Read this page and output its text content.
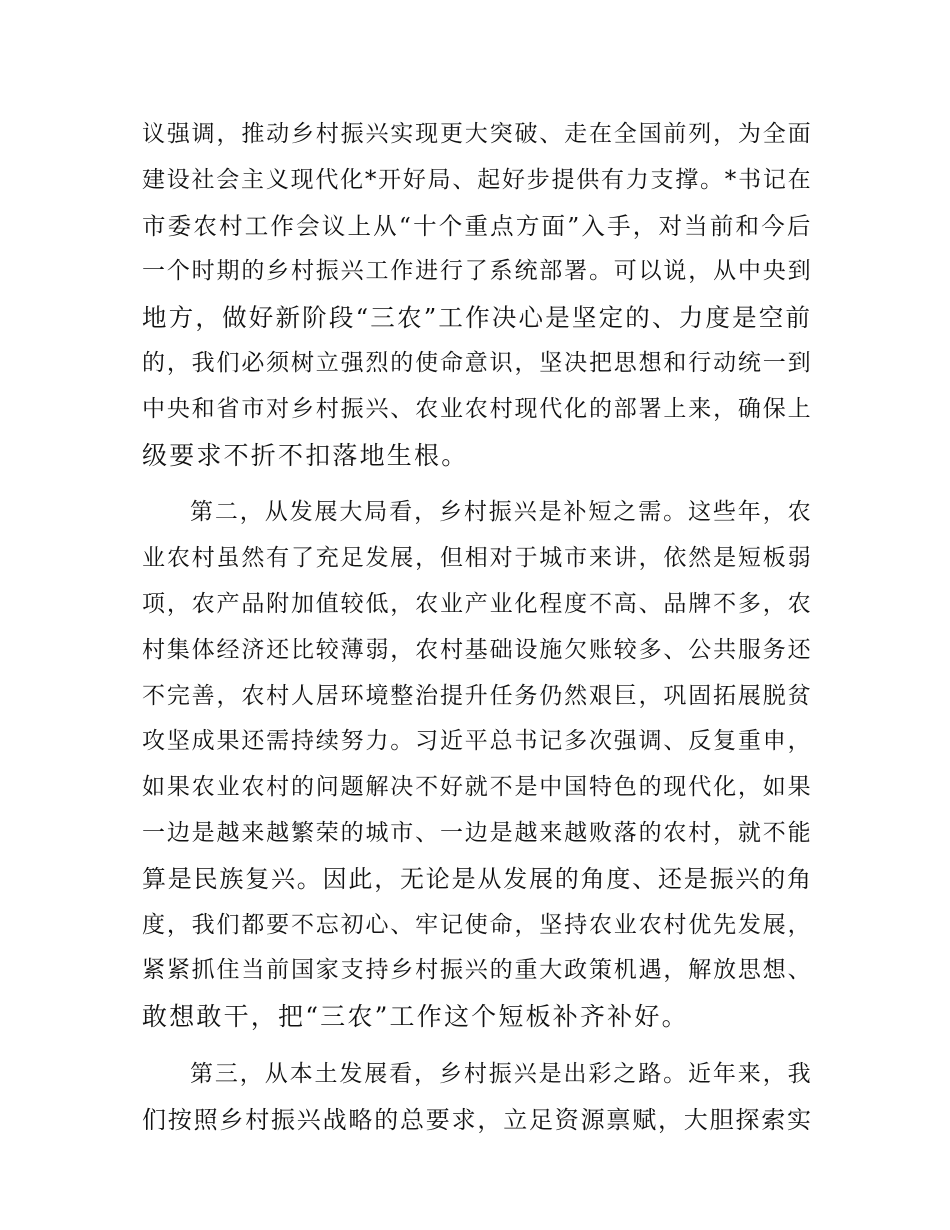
议强调，推动乡村振兴实现更大突破、走在全国前列，为全面
建设社会主义现代化*开好局、起好步提供有力支撑。*书记在
市委农村工作会议上从“十个重点方面”入手，对当前和今后
一个时期的乡村振兴工作进行了系统部署。可以说，从中央到
地方，做好新阶段“三农”工作决心是坚定的、力度是空前
的，我们必须树立强烈的使命意识，坚决把思想和行动统一到
中央和省市对乡村振兴、农业农村现代化的部署上来，确保上
级要求不折不扣落地生根。
第二，从发展大局看，乡村振兴是补短之需。这些年，农
业农村虽然有了充足发展，但相对于城市来讲，依然是短板弱
项，农产品附加值较低，农业产业化程度不高、品牌不多，农
村集体经济还比较薄弱，农村基础设施欠账较多、公共服务还
不完善，农村人居环境整治提升任务仍然艰巨，巩固拓展脱贫
攻坚成果还需持续努力。习近平总书记多次强调、反复重申，
如果农业农村的问题解决不好就不是中国特色的现代化，如果
一边是越来越繁荣的城市、一边是越来越败落的农村，就不能
算是民族复兴。因此，无论是从发展的角度、还是振兴的角
度，我们都要不忘初心、牢记使命，坚持农业农村优先发展，
紧紧抓住当前国家支持乡村振兴的重大政策机遇，解放思想、
敢想敢干，把“三农”工作这个短板补齐补好。
第三，从本土发展看，乡村振兴是出彩之路。近年来，我
们按照乡村振兴战略的总要求，立足资源禀赋，大胆探索实
